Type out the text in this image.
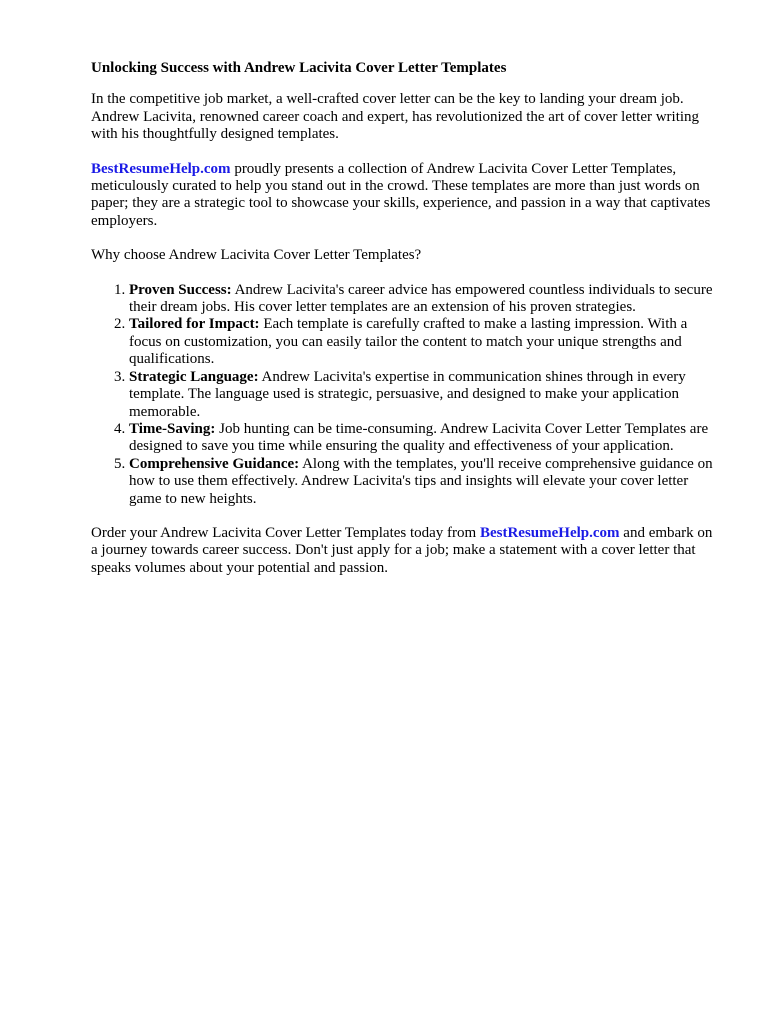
Unlocking Success with Andrew Lacivita Cover Letter Templates

In the competitive job market, a well-crafted cover letter can be the key to landing your dream job. Andrew Lacivita, renowned career coach and expert, has revolutionized the art of cover letter writing with his thoughtfully designed templates.

BestResumeHelp.com proudly presents a collection of Andrew Lacivita Cover Letter Templates, meticulously curated to help you stand out in the crowd. These templates are more than just words on paper; they are a strategic tool to showcase your skills, experience, and passion in a way that captivates employers.

Why choose Andrew Lacivita Cover Letter Templates?

1. Proven Success: Andrew Lacivita's career advice has empowered countless individuals to secure their dream jobs. His cover letter templates are an extension of his proven strategies.
2. Tailored for Impact: Each template is carefully crafted to make a lasting impression. With a focus on customization, you can easily tailor the content to match your unique strengths and qualifications.
3. Strategic Language: Andrew Lacivita's expertise in communication shines through in every template. The language used is strategic, persuasive, and designed to make your application memorable.
4. Time-Saving: Job hunting can be time-consuming. Andrew Lacivita Cover Letter Templates are designed to save you time while ensuring the quality and effectiveness of your application.
5. Comprehensive Guidance: Along with the templates, you'll receive comprehensive guidance on how to use them effectively. Andrew Lacivita's tips and insights will elevate your cover letter game to new heights.

Order your Andrew Lacivita Cover Letter Templates today from BestResumeHelp.com and embark on a journey towards career success. Don't just apply for a job; make a statement with a cover letter that speaks volumes about your potential and passion.
